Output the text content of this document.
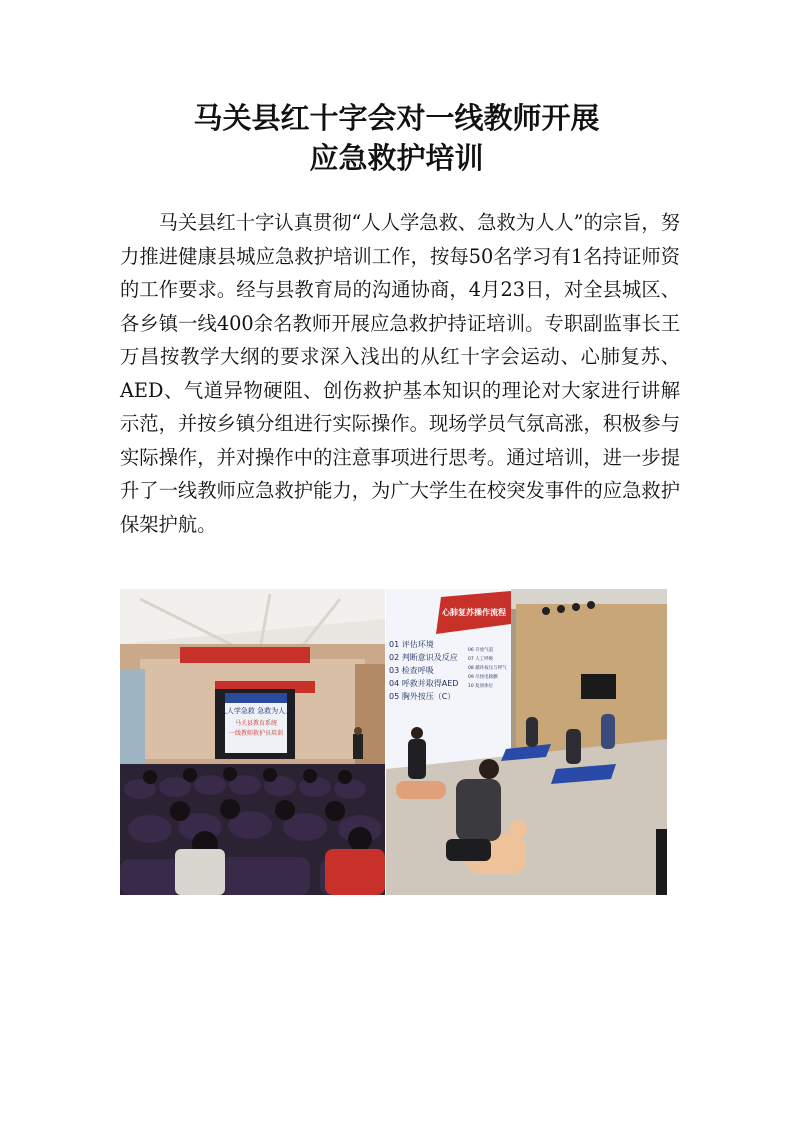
马关县红十字会对一线教师开展
应急救护培训

马关县红十字认真贯彻“人人学急救、急救为人人”的宗旨，努力推进健康县城应急救护培训工作，按每50名学习有1名持证师资的工作要求。经与县教育局的沟通协商，4月23日，对全县城区、各乡镇一线400余名教师开展应急救护持证培训。专职副监事长王万昌按教学大纲的要求深入浅出的从红十字会运动、心肺复苏、AED、气道异物硬阻、创伤救护基本知识的理论对大家进行讲解示范，并按乡镇分组进行实际操作。现场学员气氛高涨，积极参与实际操作，并对操作中的注意事项进行思考。通过培训，进一步提升了一线教师应急救护能力，为广大学生在校突发事件的应急救护保架护航。

人人学急救 急救为人人
马关县教育系统
一线教师救护员培训
心肺复苏操作流程
01 评估环境
02 判断意识及反应
03 检查呼吸
04 呼救并取得AED
05 胸外按压（C）
06 开放气道
07 人工呼吸
08 循环按压与呼气
09 尽快电除颤
10 复原体位
